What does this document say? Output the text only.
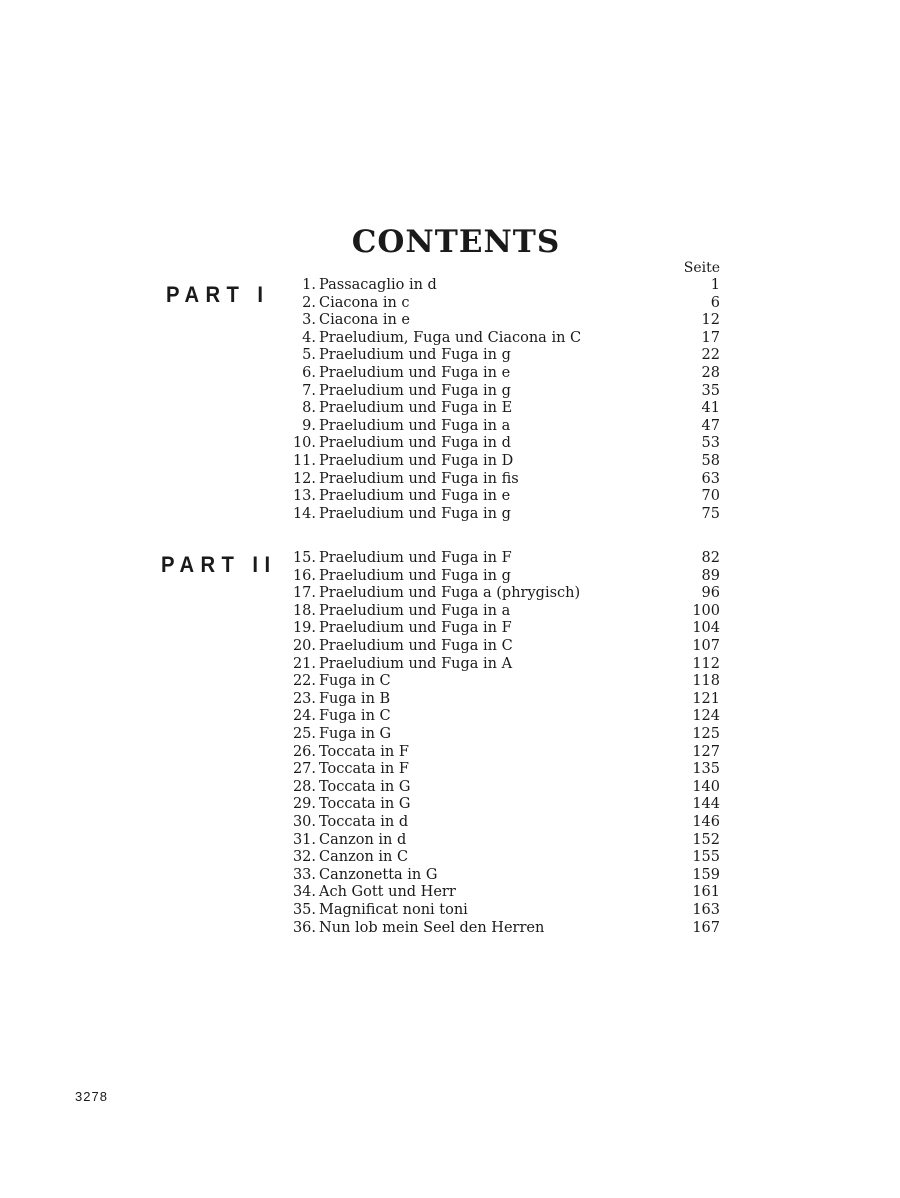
CONTENTS
Seite
PART I
PART II
1. Passacaglio in d	1
2. Ciacona in c	6
3. Ciacona in e	12
4. Praeludium, Fuga und Ciacona in C	17
5. Praeludium und Fuga in g	22
6. Praeludium und Fuga in e	28
7. Praeludium und Fuga in g	35
8. Praeludium und Fuga in E	41
9. Praeludium und Fuga in a	47
10. Praeludium und Fuga in d	53
11. Praeludium und Fuga in D	58
12. Praeludium und Fuga in fis	63
13. Praeludium und Fuga in e	70
14. Praeludium und Fuga in g	75
15. Praeludium und Fuga in F	82
16. Praeludium und Fuga in g	89
17. Praeludium und Fuga a (phrygisch)	96
18. Praeludium und Fuga in a	100
19. Praeludium und Fuga in F	104
20. Praeludium und Fuga in C	107
21. Praeludium und Fuga in A	112
22. Fuga in C	118
23. Fuga in B	121
24. Fuga in C	124
25. Fuga in G	125
26. Toccata in F	127
27. Toccata in F	135
28. Toccata in G	140
29. Toccata in G	144
30. Toccata in d	146
31. Canzon in d	152
32. Canzon in C	155
33. Canzonetta in G	159
34. Ach Gott und Herr	161
35. Magnificat noni toni	163
36. Nun lob mein Seel den Herren	167
3278
